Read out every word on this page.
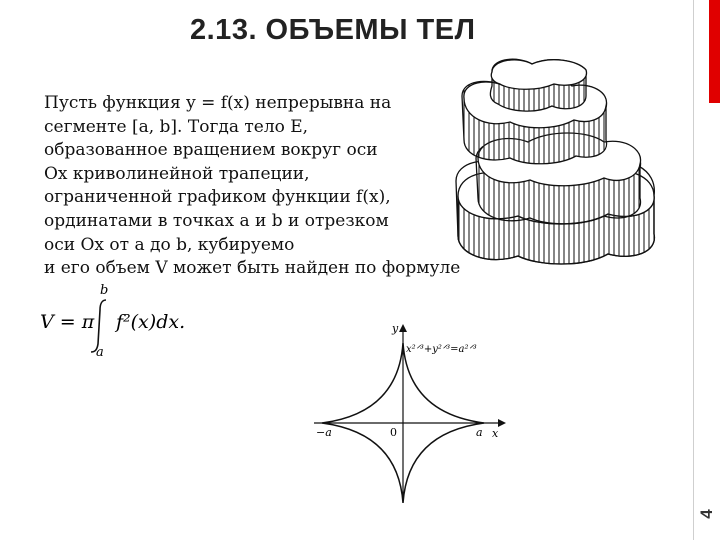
2.13. ОБЪЕМЫ ТЕЛ
4
Пусть функция y = f(x) непрерывна на
сегменте [a, b]. Тогда тело E,
образованное вращением вокруг оси
Ox криволинейной трапеции,
ограниченной графиком функции f(x),
ординатами в точках a и b и отрезком
оси Ox от a до b, кубируемо
и его объем V может быть найден по формуле
V = π
b
a
f²(x)dx.	y
x
x²ᐟ³+y²ᐟ³=a²ᐟ³
−a	0	a
